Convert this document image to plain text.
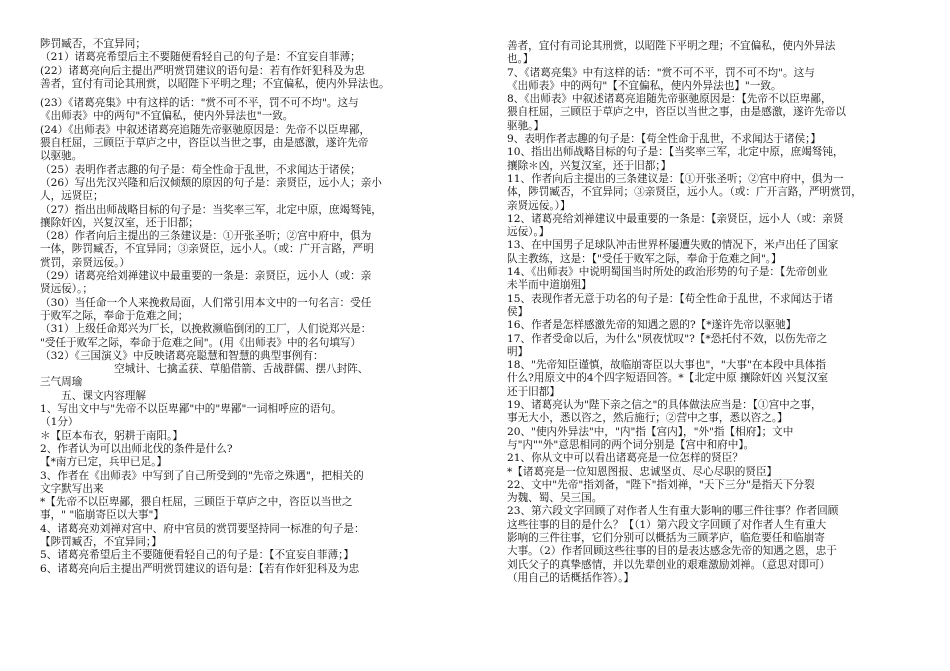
陟罚臧否，不宜异同；
（21）诸葛亮希望后主不要随便看轻自己的句子是：不宜妄自菲薄；
(22）诸葛亮向后主提出严明赏罚建议的语句是：若有作奸犯科及为忠
善者，宜付有司论其刑赏，以昭陛下平明之理；不宜偏私，使内外异法也。
(23）《诸葛亮集》中有这样的话："赏不可不平，罚不可不均"。这与
《出师表》中的两句"不宜偏私，使内外异法也"一致。
(24）《出师表》中叙述诸葛亮追随先帝驱驰原因是：先帝不以臣卑鄙，
猥自枉屈，三顾臣于草庐之中，咨臣以当世之事，由是感激，遂许先帝
以驱驰。
（25）表明作者志趣的句子是：苟全性命于乱世，不求闻达于诸侯；
（26）写出先汉兴隆和后汉倾颓的原因的句子是：亲贤臣，远小人；亲小
人，远贤臣；
（27）指出出师战略目标的句子是：当奖率三军，北定中原，庶竭驽钝，
攘除奸凶，兴复汉室，还于旧都；
（28）作者向后主提出的三条建议是：①开张圣听；②宫中府中，俱为
一体，陟罚臧否，不宜异同；③亲贤臣，远小人。（或：广开言路，严明
赏罚，亲贤远佞。）
（29）诸葛亮给刘禅建议中最重要的一条是：亲贤臣，远小人（或：亲
贤远佞）。；
（30）当任命一个人来挽救局面，人们常引用本文中的一句名言：受任
于败军之际，奉命于危难之间；
（31）上级任命郑兴为厂长，以挽救濒临倒闭的工厂，人们说郑兴是：
"受任于败军之际，奉命于危难之间"。(用《出师表》中的名句填写）
（32）《三国演义》中反映诸葛亮聪慧和智慧的典型事例有：
　　　　　　　空城计、七擒孟获、草船借箭、舌战群儒、摆八封阵、
三气周瑜
　　五、课文内容理解
1、写出文中与"先帝不以臣卑鄙"中的"卑鄙"一词相呼应的语句。
（1分）
＊【臣本布衣，躬耕于南阳。】
2、作者认为可以出师北伐的条件是什么?
【*南方已定，兵甲已足。】
3、作者在《出师表》中写到了自己所受到的"先帝之殊遇"，把相关的
文字默写出来
*【先帝不以臣卑鄙，猥自枉屈，三顾臣于草庐之中，咨臣以当世之
事，" "临崩寄臣以大事"】
4、诸葛亮劝刘禅对宫中、府中官员的赏罚要坚持同一标准的句子是：
【陟罚臧否，不宜异同；】
5、诸葛亮希望后主不要随便看轻自己的句子是：【不宜妄自菲薄；】
6、诸葛亮向后主提出严明赏罚建议的语句是：【若有作奸犯科及为忠
善者，宜付有司论其刑赏，以昭陛下平明之理；不宜偏私，使内外异法
也。】
7、《诸葛亮集》中有这样的话："赏不可不平，罚不可不均"。这与
《出师表》中的两句"【不宜偏私，使内外异法也】"一致。
8、《出师表》中叙述诸葛亮追随先帝驱驰原因是：【先帝不以臣卑鄙，
猥自枉屈，三顾臣于草庐之中，咨臣以当世之事，由是感激，遂许先帝以
驱驰。】
9、表明作者志趣的句子是：【苟全性命于乱世，不求闻达于诸侯；】
10、指出出师战略目标的句子是：【当奖率三军，北定中原，庶竭驽钝，
攘除＊凶，兴复汉室，还于旧都；】
11、作者向后主提出的三条建议是：【①开张圣听；②宫中府中，俱为一
体，陟罚臧否，不宜异同；③亲贤臣，远小人。（或：广开言路，严明赏罚，
亲贤远佞。）】
12、诸葛亮给刘禅建议中最重要的一条是：【亲贤臣，远小人（或：亲贤
远佞）。】
13、在中国男子足球队冲击世界杯屡遭失败的情况下，米卢出任了国家
队主教练，这是：【"受任于败军之际，奉命于危难之间"。】
14、《出师表》中说明蜀国当时所处的政治形势的句子是：【先帝创业
未半而中道崩殂】
15、表现作者无意于功名的句子是：【苟全性命于乱世，不求闻达于诸
侯】
16、作者是怎样感激先帝的知遇之恩的?【*遂许先帝以驱驰】
17、作者受命以后，为什么"夙夜忧叹"?【*恐托付不效，以伤先帝之
明】
18、"先帝知臣谨慎，故临崩寄臣以大事也"，"大事"在本段中具体指
什么?用原文中的4个四字短语回答。*【北定中原 攘除奸凶 兴复汉室
还于旧都】
19、诸葛亮认为"陛下亲之信之"的具体做法应当是：【①宫中之事，
事无大小，悉以咨之，然后施行；②营中之事，悉以咨之。】
20、"使内外异法"中，"内"指【宫内】，"外"指【相府】；文中
与"内""外"意思相同的两个词分别是【宫中和府中】。
21、你从文中可以看出诸葛亮是一位怎样的贤臣？
*【诸葛亮是一位知恩图报、忠诚坚贞、尽心尽职的贤臣】
22、文中"先帝"指刘备，"陛下"指刘禅，"天下三分"是指天下分裂
为魏、蜀、吴三国。
23、第六段文字回顾了对作者人生有重大影响的哪三件往事？作者回顾
这些往事的目的是什么？【（1）第六段文字回顾了对作者人生有重大
影响的三件往事，它们分别可以概括为三顾茅庐，临危要任和临崩寄
大事。（2）作者回顾这些往事的目的是表达感念先帝的知遇之恩，忠于
刘氏父子的真挚感情，并以先辈创业的艰难激励刘禅。（意思对即可）
（用自己的话概括作答）。】
